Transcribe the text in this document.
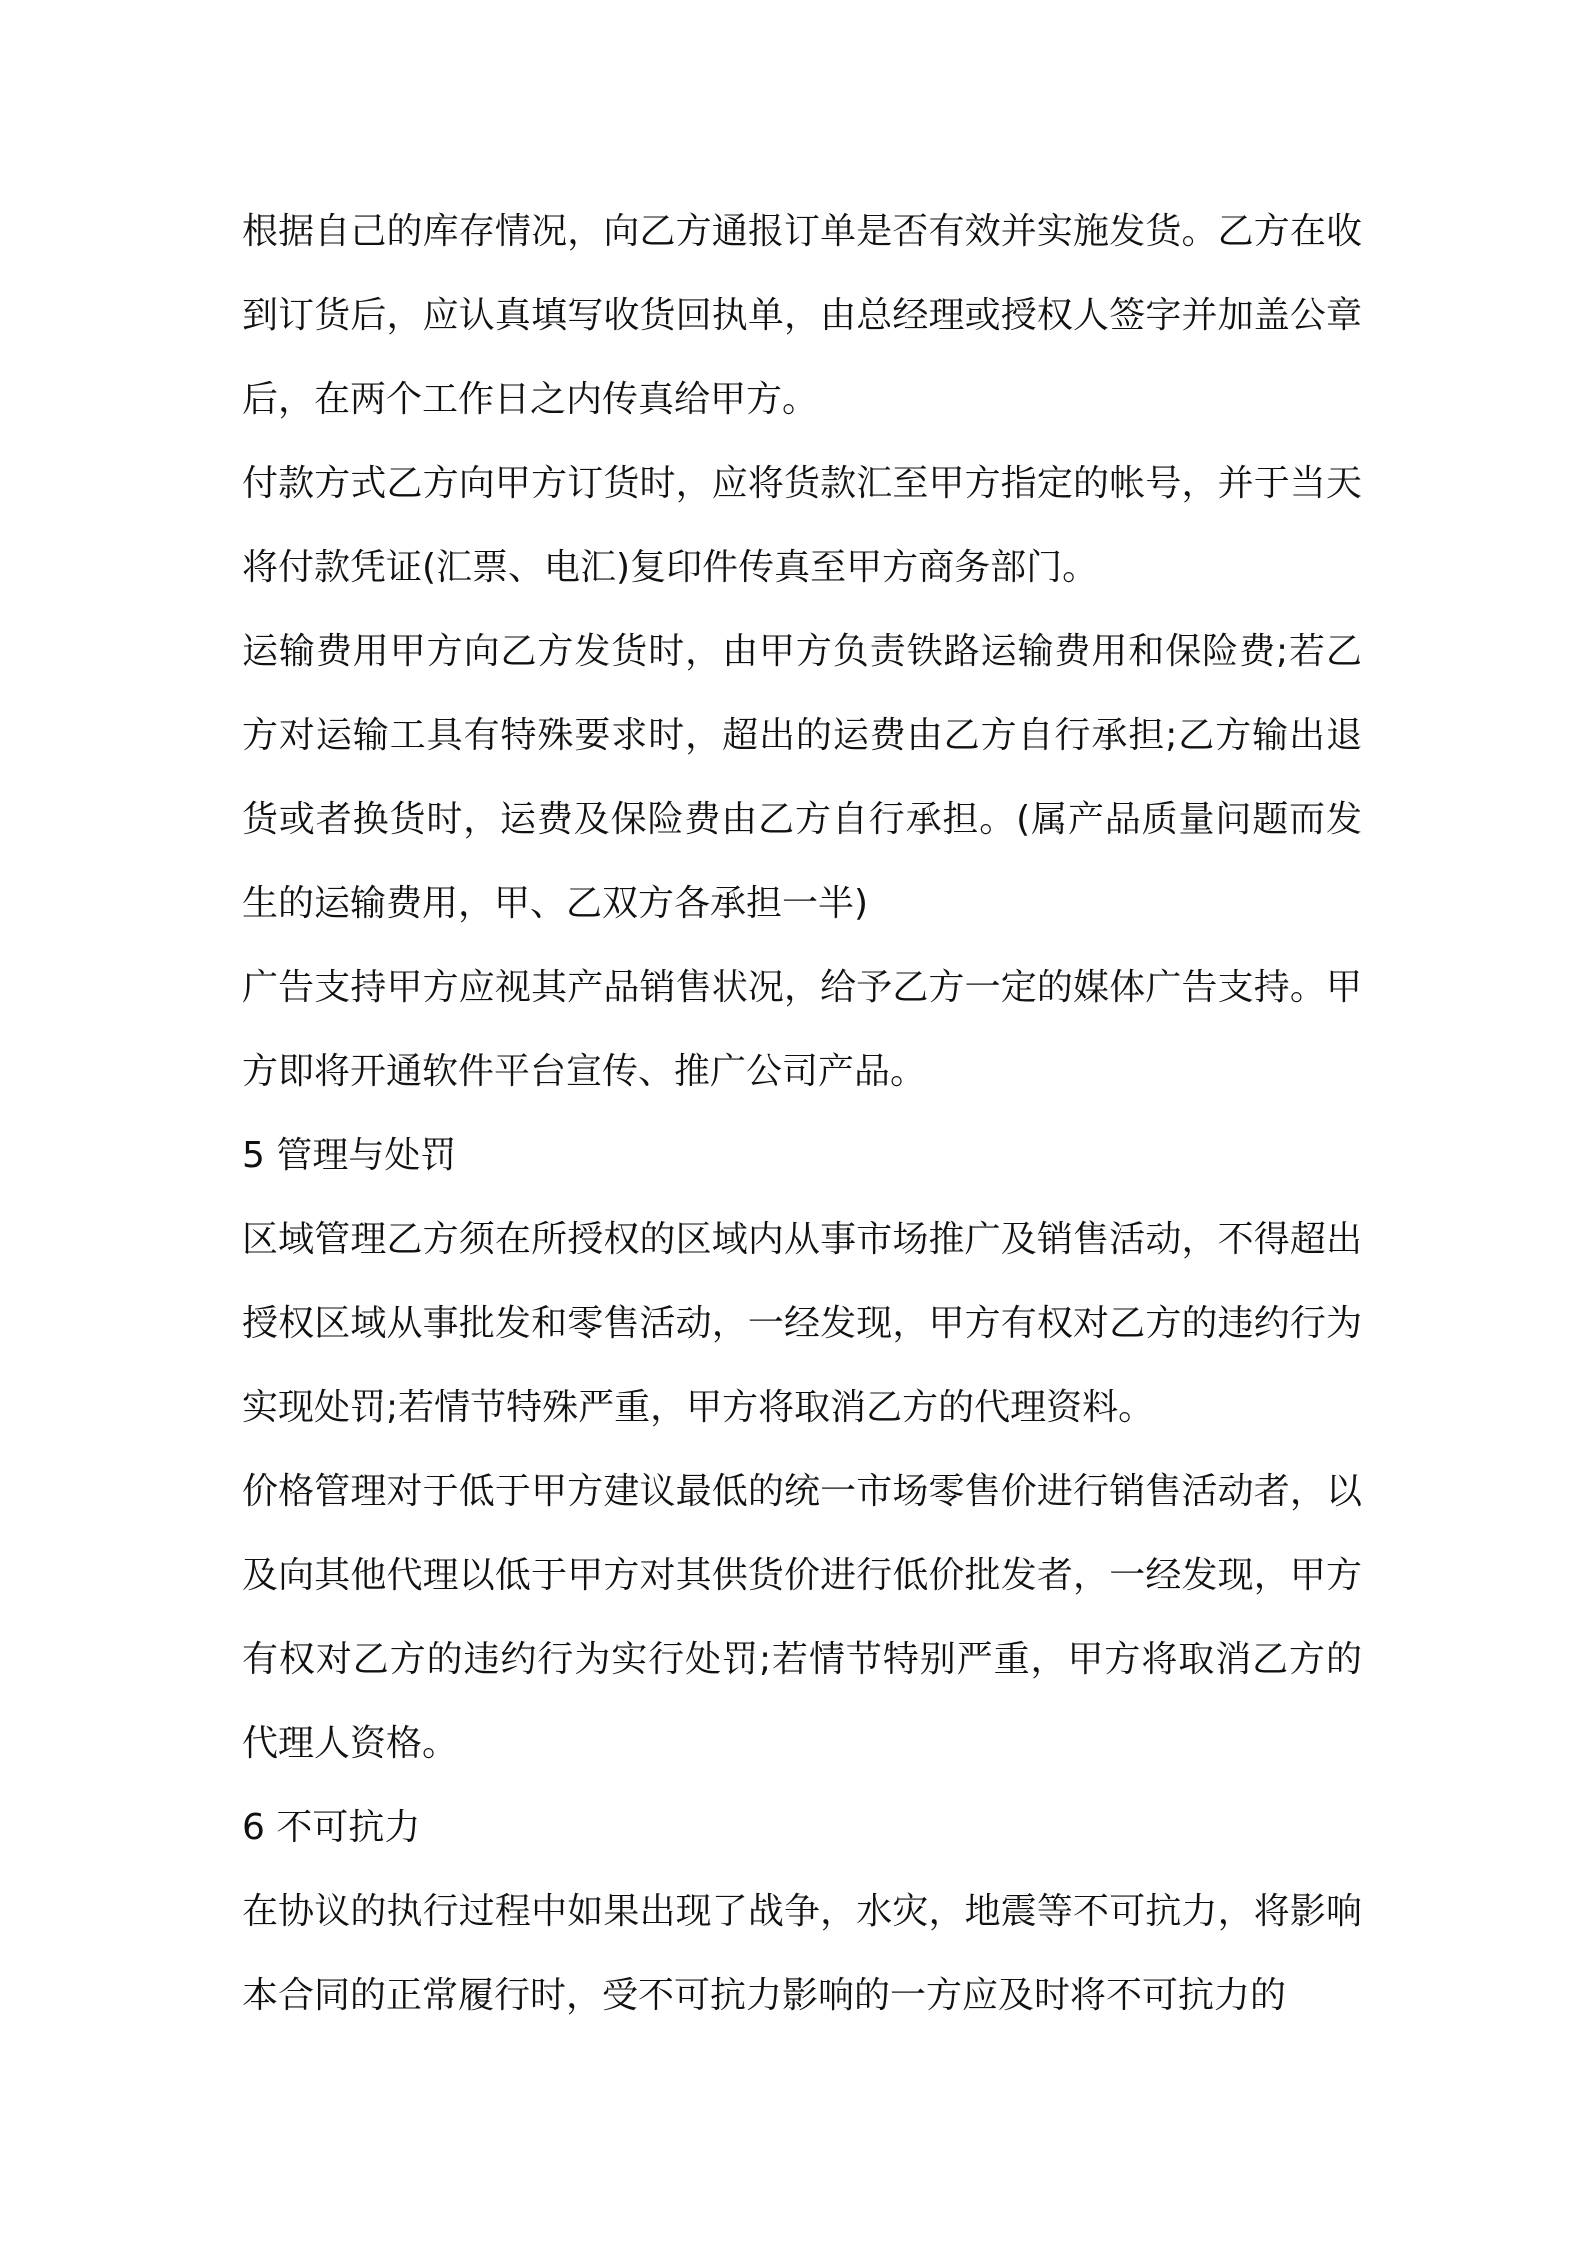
根据自己的库存情况，向乙方通报订单是否有效并实施发货。乙方在收到订货后，应认真填写收货回执单，由总经理或授权人签字并加盖公章后，在两个工作日之内传真给甲方。

付款方式乙方向甲方订货时，应将货款汇至甲方指定的帐号，并于当天将付款凭证(汇票、电汇)复印件传真至甲方商务部门。

运输费用甲方向乙方发货时，由甲方负责铁路运输费用和保险费;若乙方对运输工具有特殊要求时，超出的运费由乙方自行承担;乙方输出退货或者换货时，运费及保险费由乙方自行承担。(属产品质量问题而发生的运输费用，甲、乙双方各承担一半)

广告支持甲方应视其产品销售状况，给予乙方一定的媒体广告支持。甲方即将开通软件平台宣传、推广公司产品。

5 管理与处罚

区域管理乙方须在所授权的区域内从事市场推广及销售活动，不得超出授权区域从事批发和零售活动，一经发现，甲方有权对乙方的违约行为实现处罚;若情节特殊严重，甲方将取消乙方的代理资料。

价格管理对于低于甲方建议最低的统一市场零售价进行销售活动者，以及向其他代理以低于甲方对其供货价进行低价批发者，一经发现，甲方有权对乙方的违约行为实行处罚;若情节特别严重，甲方将取消乙方的代理人资格。

6 不可抗力

在协议的执行过程中如果出现了战争，水灾，地震等不可抗力，将影响本合同的正常履行时，受不可抗力影响的一方应及时将不可抗力的
